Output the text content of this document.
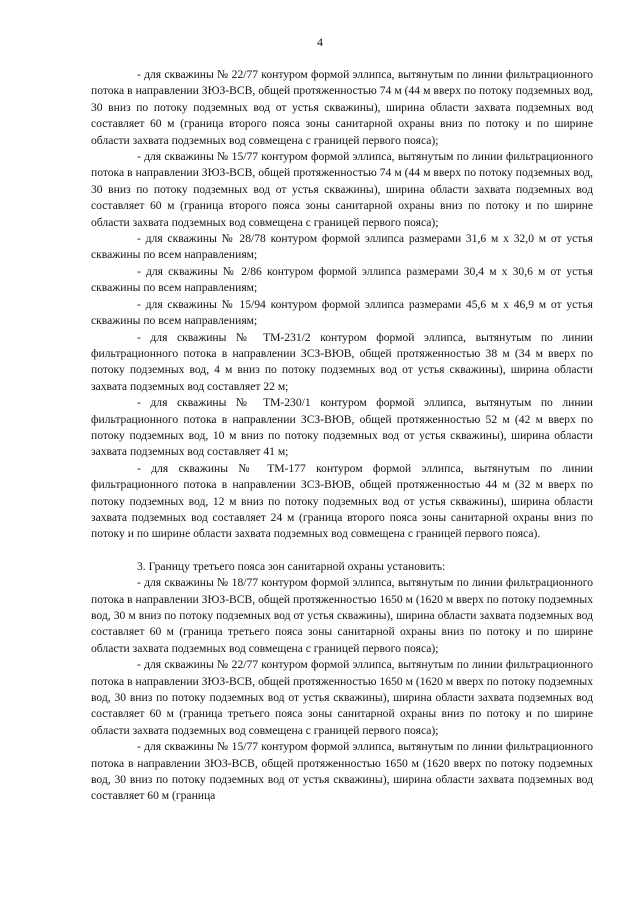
4

- для скважины № 22/77 контуром формой эллипса, вытянутым по линии фильтрационного потока в направлении ЗЮЗ-ВСВ, общей протяженностью 74 м (44 м вверх по потоку подземных вод, 30 вниз по потоку подземных вод от устья скважины), ширина области захвата подземных вод составляет 60 м (граница второго пояса зоны санитарной охраны вниз по потоку и по ширине области захвата подземных вод совмещена с границей первого пояса);

- для скважины № 15/77 контуром формой эллипса, вытянутым по линии фильтрационного потока в направлении ЗЮЗ-ВСВ, общей протяженностью 74 м (44 м вверх по потоку подземных вод, 30 вниз по потоку подземных вод от устья скважины), ширина области захвата подземных вод составляет 60 м (граница второго пояса зоны санитарной охраны вниз по потоку и по ширине области захвата подземных вод совмещена с границей первого пояса);

- для скважины № 28/78 контуром формой эллипса размерами 31,6 м x 32,0 м от устья скважины по всем направлениям;

- для скважины № 2/86 контуром формой эллипса размерами 30,4 м x 30,6 м от устья скважины по всем направлениям;

- для скважины № 15/94 контуром формой эллипса размерами 45,6 м x 46,9 м от устья скважины по всем направлениям;

- для скважины № ТМ-231/2 контуром формой эллипса, вытянутым по линии фильтрационного потока в направлении ЗСЗ-ВЮВ, общей протяженностью 38 м (34 м вверх по потоку подземных вод, 4 м вниз по потоку подземных вод от устья скважины), ширина области захвата подземных вод составляет 22 м;

- для скважины № ТМ-230/1 контуром формой эллипса, вытянутым по линии фильтрационного потока в направлении ЗСЗ-ВЮВ, общей протяженностью 52 м (42 м вверх по потоку подземных вод, 10 м вниз по потоку подземных вод от устья скважины), ширина области захвата подземных вод составляет 41 м;

- для скважины № ТМ-177 контуром формой эллипса, вытянутым по линии фильтрационного потока в направлении ЗСЗ-ВЮВ, общей протяженностью 44 м (32 м вверх по потоку подземных вод, 12 м вниз по потоку подземных вод от устья скважины), ширина области захвата подземных вод составляет 24 м (граница второго пояса зоны санитарной охраны вниз по потоку и по ширине области захвата подземных вод совмещена с границей первого пояса).

3. Границу третьего пояса зон санитарной охраны установить:

- для скважины № 18/77 контуром формой эллипса, вытянутым по линии фильтрационного потока в направлении ЗЮЗ-ВСВ, общей протяженностью 1650 м (1620 м вверх по потоку подземных вод, 30 м вниз по потоку подземных вод от устья скважины), ширина области захвата подземных вод составляет 60 м (граница третьего пояса зоны санитарной охраны вниз по потоку и по ширине области захвата подземных вод совмещена с границей первого пояса);

- для скважины № 22/77 контуром формой эллипса, вытянутым по линии фильтрационного потока в направлении ЗЮЗ-ВСВ, общей протяженностью 1650 м (1620 м вверх по потоку подземных вод, 30 вниз по потоку подземных вод от устья скважины), ширина области захвата подземных вод составляет 60 м (граница третьего пояса зоны санитарной охраны вниз по потоку и по ширине области захвата подземных вод совмещена с границей первого пояса);

- для скважины № 15/77 контуром формой эллипса, вытянутым по линии фильтрационного потока в направлении ЗЮЗ-ВСВ, общей протяженностью 1650 м (1620 вверх по потоку подземных вод, 30 вниз по потоку подземных вод от устья скважины), ширина области захвата подземных вод составляет 60 м (граница
